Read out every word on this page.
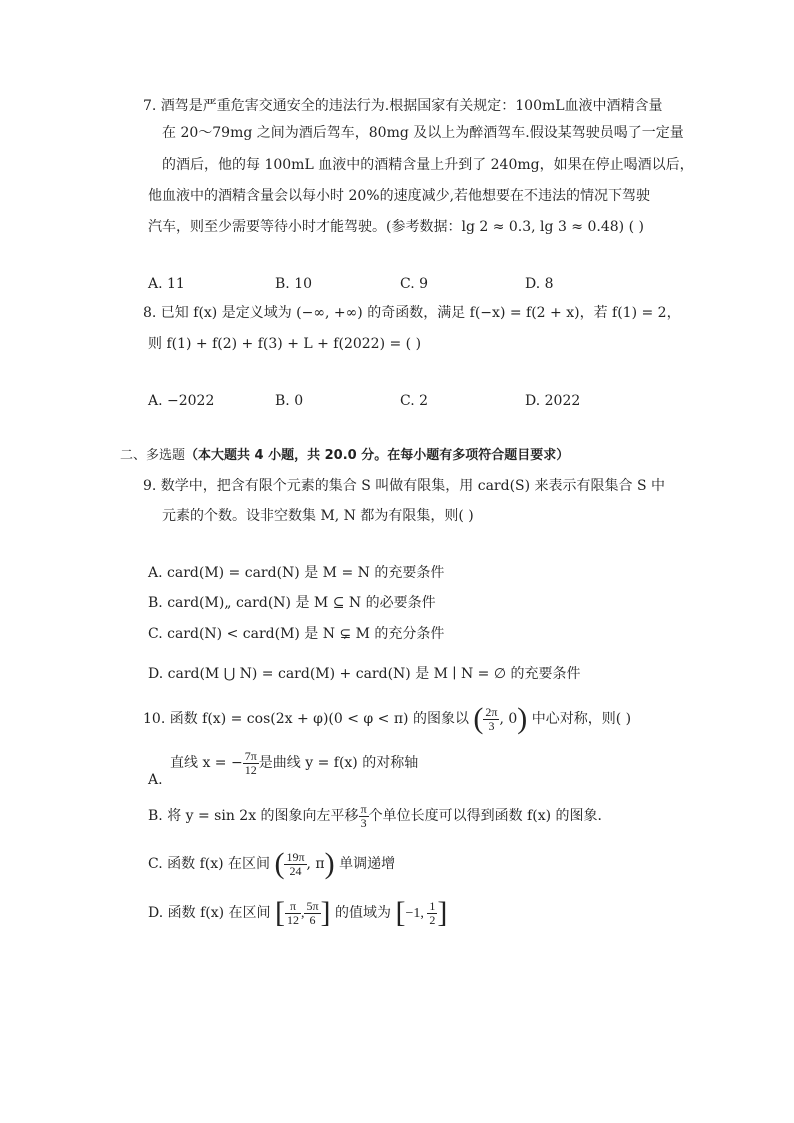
7. 酒驾是严重危害交通安全的违法行为.根据国家有关规定：100mL血液中酒精含量
在 20～79mg 之间为酒后驾车，80mg 及以上为醉酒驾车.假设某驾驶员喝了一定量
的酒后，他的每 100mL 血液中的酒精含量上升到了 240mg，如果在停止喝酒以后，
他血液中的酒精含量会以每小时 20%的速度减少,若他想要在不违法的情况下驾驶
汽车，则至少需要等待小时才能驾驶。(参考数据：lg 2 ≈ 0.3, lg 3 ≈ 0.48) ( )
A. 11	B. 10	C. 9	D. 8
8. 已知 f(x) 是定义域为 (−∞, +∞) 的奇函数，满足 f(−x) = f(2 + x)，若 f(1) = 2，
则 f(1) + f(2) + f(3) + L + f(2022) = ( )
A. −2022	B. 0	C. 2	D. 2022
二、多选题（本大题共 4 小题，共 20.0 分。在每小题有多项符合题目要求）
9. 数学中，把含有限个元素的集合 S 叫做有限集，用 card(S) 来表示有限集合 S 中
元素的个数。设非空数集 M, N 都为有限集，则( )
A. card(M) = card(N) 是 M = N 的充要条件
B. card(M)„ card(N) 是 M ⊆ N 的必要条件
C. card(N) < card(M) 是 N ⊊ M 的充分条件
D. card(M ⋃ N) = card(M) + card(N) 是 M ∣ N = ∅ 的充要条件
10. 函数 f(x) = cos(2x + φ)(0 < φ < π) 的图象以 ( $\frac{2\pi}{3}$ , 0) 中心对称，则( )
A.
直线 x = − $\frac{7\pi}{12}$ 是曲线 y = f(x) 的对称轴
B. 将 y = sin 2x 的图象向左平移 $\frac{\pi}{3}$ 个单位长度可以得到函数 f(x) 的图象．
C. 函数 f(x) 在区间 ( $\frac{19\pi}{24}$ , π) 单调递增
D. 函数 f(x) 在区间 [ $\frac{\pi}{12}$ , $\frac{5\pi}{6}$ ] 的值域为 [−1, $\frac{1}{2}$ ]
